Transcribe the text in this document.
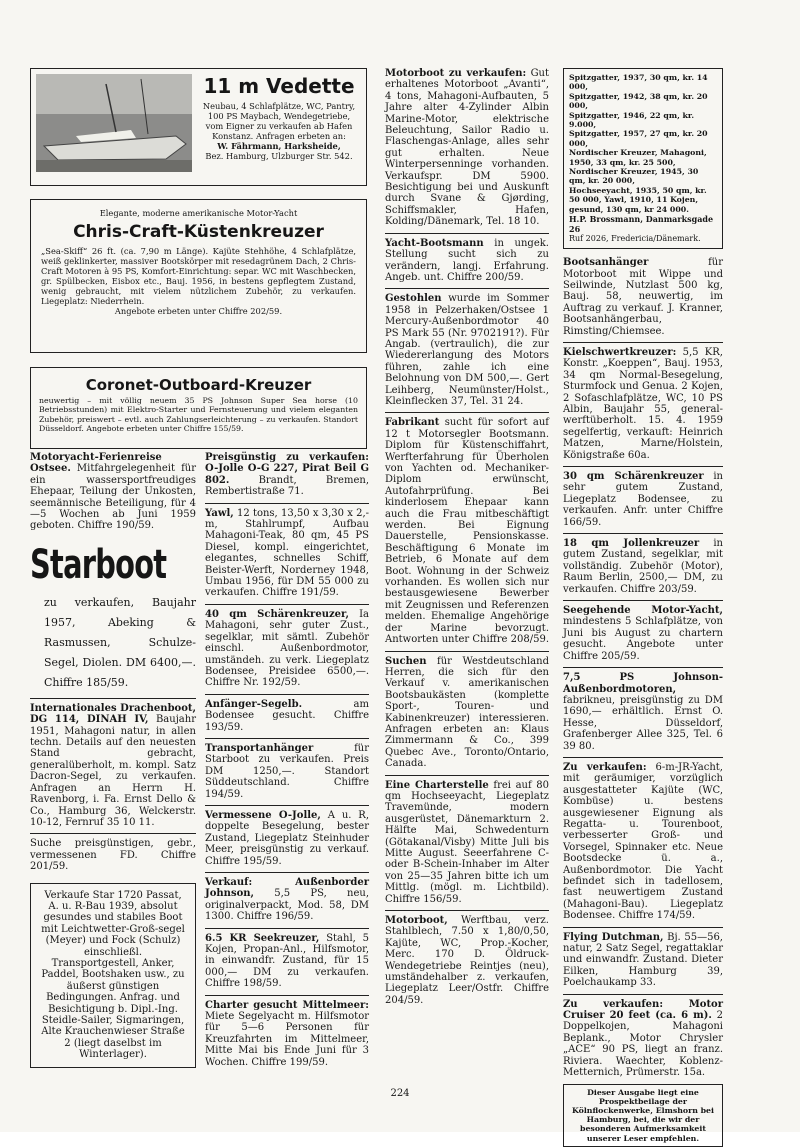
11 m Vedette
Neubau, 4 Schlafplätze, WC, Pantry, 100 PS Maybach, Wendegetriebe, vom Eigner zu verkaufen ab Hafen Konstanz. Anfragen erbeten an:
W. Fährmann, Harksheide,
Bez. Hamburg, Ulzburger Str. 542.
Elegante, moderne amerikanische Motor-Yacht
Chris-Craft-Küstenkreuzer
„Sea-Skiff“ 26 ft. (ca. 7,90 m Länge). Kajüte Stehhöhe, 4 Schlafplätze, weiß geklinkerter, massiver Bootskörper mit resedagrünem Dach, 2 Chris-Craft Motoren à 95 PS, Komfort-Einrichtung: separ. WC mit Waschbecken, gr. Spülbecken, Eisbox etc., Bauj. 1956, in bestens gepflegtem Zustand, wenig gebraucht, mit vielem nützlichem Zubehör, zu verkaufen. Liegeplatz: Niederrhein.
Angebote erbeten unter Chiffre 202/59.
Coronet-Outboard-Kreuzer
neuwertig – mit völlig neuem 35 PS Johnson Super Sea horse (10 Betriebsstunden) mit Elektro-Starter und Fernsteuerung und vielem eleganten Zubehör, preiswert – evtl. auch Zahlungserleichterung – zu verkaufen. Standort Düsseldorf. Angebote erbeten unter Chiffre 155/59.
Motoryacht-Ferienreise Ostsee. Mitfahrgelegenheit für ein wassersportfreudiges Ehepaar, Teilung der Unkosten, seemännische Beteiligung, für 4—5 Wochen ab Juni 1959 geboten. Chiffre 190/59.
Starboot
zu verkaufen, Baujahr 1957, Abeking & Rasmussen, Schulze-Segel, Diolen. DM 6400,—. Chiffre 185/59.
Internationales Drachenboot, DG 114, DINAH IV, Baujahr 1951, Mahagoni natur, in allen techn. Details auf den neuesten Stand gebracht, generalüberholt, m. kompl. Satz Dacron-Segel, zu verkaufen. Anfragen an Herrn H. Ravenborg, i. Fa. Ernst Dello & Co., Hamburg 36, Welckerstr. 10-12, Fernruf 35 10 11.
Suche preisgünstigen, gebr., vermessenen FD. Chiffre 201/59.
Verkaufe Star 1720 Passat, A. u. R-Bau 1939, absolut gesundes und stabiles Boot mit Leichtwetter-Groß-segel (Meyer) und Fock (Schulz) einschließl. Transportgestell, Anker, Paddel, Bootshaken usw., zu äußerst günstigen Bedingungen. Anfrag. und Besichtigung b. Dipl.-Ing. Steidle-Sailer, Sigmaringen, Alte Krauchenwieser Straße 2 (liegt daselbst im Winterlager).
Preisgünstig zu verkaufen: O-Jolle O-G 227, Pirat Beil G 802.	Brandt, Bremen, Rembertistraße 71.
Yawl, 12 tons, 13,50 x 3,30 x 2,- m, Stahlrumpf, Aufbau Mahagoni-Teak, 80 qm, 45 PS Diesel, kompl. eingerichtet, elegantes, schnelles Schiff, Beister-Werft, Norderney 1948, Umbau 1956, für DM 55 000 zu verkaufen. Chiffre 191/59.
40 qm Schärenkreuzer, Ia Mahagoni, sehr guter Zust., segelklar, mit sämtl. Zubehör einschl. Außenbordmotor, umständeh. zu verk. Liegeplatz Bodensee, Preisidee 6500,—. Chiffre Nr. 192/59.
Anfänger-Segelb.	am Bodensee gesucht. Chiffre 193/59.
Transportanhänger	für Starboot zu verkaufen. Preis DM 1250,—. Standort Süddeutschland. Chiffre 194/59.
Vermessene O-Jolle, A u. R, doppelte Besegelung, bester Zustand, Liegeplatz Steinhuder Meer, preisgünstig zu verkauf. Chiffre 195/59.
Verkauf: Außenborder Johnson, 5,5 PS, neu, originalverpackt, Mod. 58, DM 1300. Chiffre 196/59.
6.5 KR Seekreuzer, Stahl, 5 Kojen, Propan-Anl., Hilfsmotor, in einwandfr. Zustand, für 15 000,— DM zu verkaufen. Chiffre 198/59.
Charter gesucht Mittelmeer: Miete Segelyacht m. Hilfsmotor für 5—6 Personen für Kreuzfahrten im Mittelmeer, Mitte Mai bis Ende Juni für 3 Wochen. Chiffre 199/59.
Motorboot zu verkaufen: Gut erhaltenes Motorboot „Avanti“, 4 tons, Mahagoni-Aufbauten, 5 Jahre alter 4-Zylinder Albin Marine-Motor, elektrische Beleuchtung, Sailor Radio u. Flaschengas-Anlage, alles sehr gut erhalten. Neue Winterpersenninge vorhanden. Verkaufspr. DM 5900. Besichtigung bei und Auskunft durch Svane & Gjørding, Schiffsmakler, Hafen, Kolding/Dänemark, Tel. 18 10.
Yacht-Bootsmann in ungek. Stellung sucht sich zu verändern, langj. Erfahrung. Angeb. unt. Chiffre 200/59.
Gestohlen wurde im Sommer 1958 in Pelzerhaken/Ostsee 1 Mercury-Außenbordmotor 40 PS Mark 55 (Nr. 9702191?). Für Angab. (vertraulich), die zur Wiedererlangung des Motors führen, zahle ich eine Belohnung von DM 500,—. Gert Leihberg, Neumünster/Holst., Kleinflecken 37, Tel. 31 24.
Fabrikant sucht für sofort auf 12 t Motorsegler Bootsmann. Diplom für Küstenschiffahrt, Werfterfahrung für Überholen von Yachten od. Mechaniker-Diplom erwünscht, Autofahrprüfung. Bei kinderlosem Ehepaar kann auch die Frau mitbeschäftigt werden. Bei Eignung Dauerstelle, Pensionskasse. Beschäftigung 6 Monate im Betrieb, 6 Monate auf dem Boot. Wohnung in der Schweiz vorhanden. Es wollen sich nur bestausgewiesene Bewerber mit Zeugnissen und Referenzen melden. Ehemalige Angehörige der Marine bevorzugt. Antworten unter Chiffre 208/59.
Suchen für Westdeutschland Herren, die sich für den Verkauf v. amerikanischen Bootsbaukästen (komplette Sport-, Touren- und Kabinenkreuzer) interessieren. Anfragen erbeten an: Klaus Zimmermann & Co., 399 Quebec Ave., Toronto/Ontario, Canada.
Eine Charterstelle frei auf 80 qm Hochseeyacht, Liegeplatz Travemünde, modern ausgerüstet, Dänemarkturn 2. Hälfte Mai, Schwedenturn (Götakanal/Visby) Mitte Juli bis Mitte August. Seeerfahrene C- oder B-Schein-Inhaber im Alter von 25—35 Jahren bitte ich um Mittlg. (mögl. m. Lichtbild). Chiffre 156/59.
Motorboot, Werftbau, verz. Stahlblech, 7.50 x 1,80/0,50, Kajüte, WC, Prop.-Kocher, Merc. 170 D. Öldruck-Wendegetriebe Reintjes (neu), umständehalber z. verkaufen, Liegeplatz Leer/Ostfr. Chiffre 204/59.
Spitzgatter, 1937, 30 qm, kr. 14 000,
Spitzgatter, 1942, 38 qm, kr. 20 000,
Spitzgatter, 1946, 22 qm, kr. 9.000,
Spitzgatter, 1957, 27 qm, kr. 20 000,
Nordischer Kreuzer, Mahagoni, 1950, 33 qm, kr. 25 500, Nordischer Kreuzer, 1945, 30 qm, kr. 20 000,
Hochseeyacht, 1935, 50 qm, kr. 50 000, Yawl, 1910, 11 Kojen, gesund, 130 qm, kr 24 000.
H.P. Brossmann, Danmarksgade 26
Ruf 2026, Fredericia/Dänemark.
Bootsanhänger	für Motorboot mit Wippe und Seilwinde, Nutzlast 500 kg, Bauj. 58, neuwertig, im Auftrag zu verkauf. J. Kranner, Bootsanhängerbau, Rimsting/Chiemsee.
Kielschwertkreuzer: 5,5 KR, Konstr. „Koeppen“, Bauj. 1953, 34 qm Normal-Besegelung, Sturmfock und Genua. 2 Kojen, 2 Sofaschlafplätze, WC, 10 PS Albin, Baujahr 55, general-werftüberholt. 15. 4. 1959 segelfertig, verkauft: Heinrich Matzen, Marne/Holstein, Königstraße 60a.
30 qm Schärenkreuzer in sehr gutem Zustand, Liegeplatz Bodensee, zu verkaufen. Anfr. unter Chiffre 166/59.
18 qm Jollenkreuzer in gutem Zustand, segelklar, mit vollständig. Zubehör (Motor), Raum Berlin, 2500,— DM, zu verkaufen. Chiffre 203/59.
Seegehende Motor-Yacht, mindestens 5 Schlafplätze, von Juni bis August zu chartern gesucht. Angebote unter Chiffre 205/59.
7,5 PS Johnson-Außenbordmotoren, fabrikneu, preisgünstig zu DM 1690,— erhältlich. Ernst O. Hesse, Düsseldorf, Grafenberger Allee 325, Tel. 6 39 80.
Zu verkaufen: 6-m-JR-Yacht, mit geräumiger, vorzüglich ausgestatteter Kajüte (WC, Kombüse) u. bestens ausgewiesener Eignung als Regatta- u. Tourenboot, verbesserter Groß- und Vorsegel, Spinnaker etc. Neue Bootsdecke ü. a., Außenbordmotor. Die Yacht befindet sich in tadellosem, fast neuwertigem Zustand (Mahagoni-Bau). Liegeplatz Bodensee. Chiffre 174/59.
Flying Dutchman, Bj. 55—56, natur, 2 Satz Segel, regattaklar und einwandfr. Zustand. Dieter Eilken, Hamburg 39, Poelchaukamp 33.
Zu verkaufen: Motor Cruiser 20 feet (ca. 6 m). 2 Doppelkojen, Mahagoni Beplank., Motor Chrysler „ACE“ 90 PS, liegt an franz. Riviera. Waechter, Koblenz-Metternich, Prümerstr. 15a.
Dieser Ausgabe liegt eine Prospektbeilage der Kölnflockenwerke, Elmshorn bei Hamburg, bei, die wir der besonderen Aufmerksamkeit unserer Leser empfehlen.
224
